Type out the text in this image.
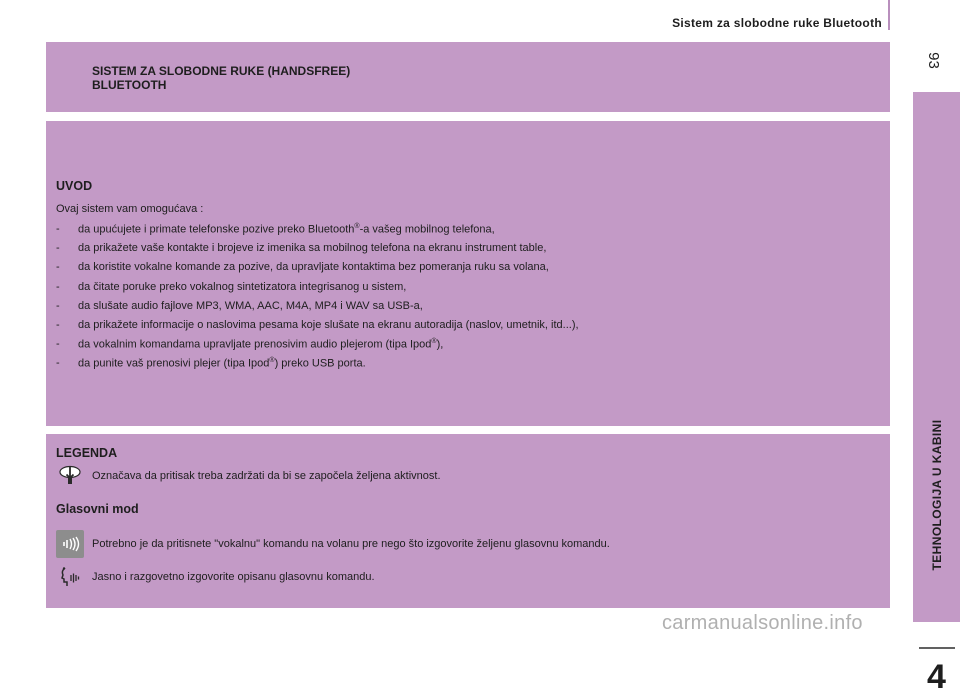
Sistem za slobodne ruke Bluetooth
93
TEHNOLOGIJA U KABINI
4
SISTEM ZA SLOBODNE RUKE (HANDSFREE)
BLUETOOTH
UVOD
Ovaj sistem vam omogućava :
-	da upućujete i primate telefonske pozive preko Bluetooth®-a vašeg mobilnog telefona,
-	da prikažete vaše kontakte i brojeve iz imenika sa mobilnog telefona na ekranu instrument table,
-	da koristite vokalne komande za pozive, da upravljate kontaktima bez pomeranja ruku sa volana,
-	da čitate poruke preko vokalnog sintetizatora integrisanog u sistem,
-	da slušate audio fajlove MP3, WMA, AAC, M4A, MP4 i WAV sa USB-a,
-	da prikažete informacije o naslovima pesama koje slušate na ekranu autoradija (naslov, umetnik, itd...),
-	da vokalnim komandama upravljate prenosivim audio plejerom (tipa Ipod®),
-	da punite vaš prenosivi plejer (tipa Ipod®) preko USB porta.
LEGENDA
Označava da pritisak treba zadržati da bi se započela željena aktivnost.
Glasovni mod
Potrebno je da pritisnete "vokalnu" komandu na volanu pre nego što izgovorite željenu glasovnu komandu.
Jasno i razgovetno izgovorite opisanu glasovnu komandu.
carmanualsonline.info
